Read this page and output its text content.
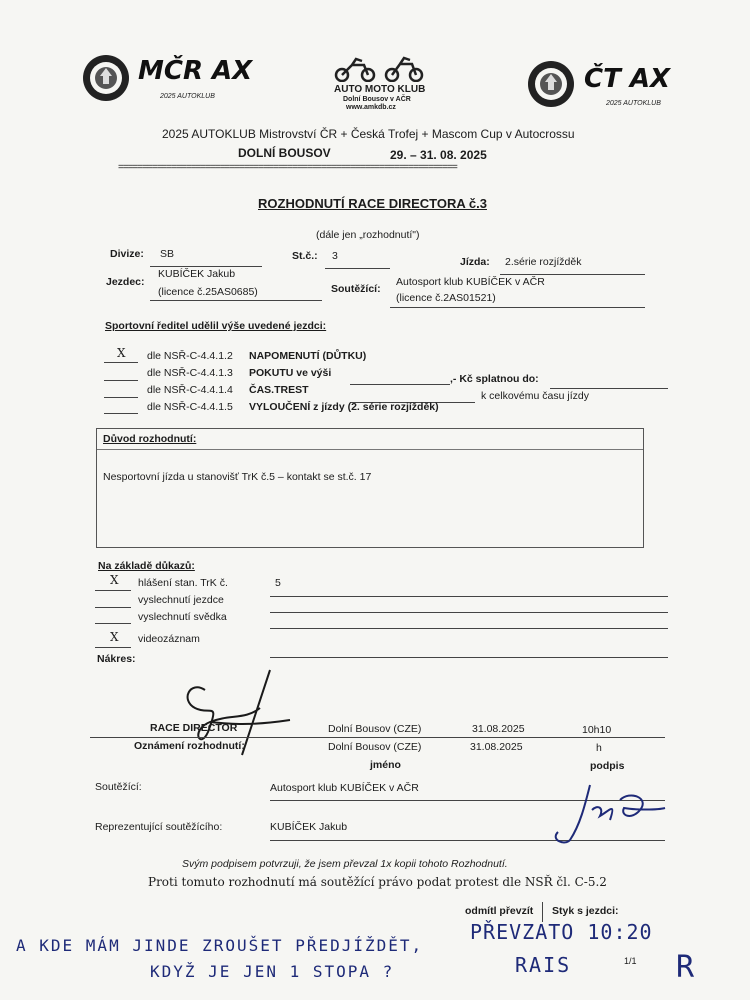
MČR AX
2025 AUTOKLUB
AUTO MOTO KLUB
Dolní Bousov v AČR
www.amkdb.cz
ČT AX
2025 AUTOKLUB
2025 AUTOKLUB Mistrovství ČR + Česká Trofej + Mascom Cup v Autocrossu
DOLNÍ BOUSOV	29. – 31. 08. 2025
======================================================================
ROZHODNUTÍ RACE DIRECTORA č.3
(dále jen „rozhodnutí")
Divize: SB	St.č.: 3	Jízda: 2.série rozjížděk
Jezdec:
KUBÍČEK Jakub
(licence č.25AS0685)	Soutěžící:
Autosport klub KUBÍČEK v AČR
(licence č.2AS01521)
Sportovní ředitel udělil výše uvedené jezdci:
X dle NSŘ-C-4.4.1.2 NAPOMENUTÍ (DŮTKU)
dle NSŘ-C-4.4.1.3 POKUTU ve výši	,- Kč splatnou do:
dle NSŘ-C-4.4.1.4 ČAS.TREST	k celkovému času jízdy
dle NSŘ-C-4.4.1.5 VYLOUČENÍ z jízdy (2. série rozjížděk)
Důvod rozhodnutí:
Nesportovní jízda u stanovišť TrK č.5 – kontakt se st.č. 17
Na základě důkazů:
X hlášení stan. TrK č.	5
vyslechnutí jezdce
vyslechnutí svědka
X videozáznam
Nákres:
RACE DIRECTOR	Dolní Bousov (CZE)	31.08.2025	10h10
Oznámení rozhodnutí:	Dolní Bousov (CZE)	31.08.2025	h
jméno	podpis
Soutěžící:	Autosport klub KUBÍČEK v AČR
Reprezentující soutěžícího:	KUBÍČEK Jakub
Svým podpisem potvrzuji, že jsem převzal 1x kopii tohoto Rozhodnutí.
Proti tomuto rozhodnutí má soutěžící právo podat protest dle NSŘ čl. C-5.2
odmítl převzít Styk s jezdci:
1/1
A KDE MÁM JINDE ZROUŠET PŘEDJÍŽDĚT,
KDYŽ JE JEN 1 STOPA ?
PŘEVZATO 10:20
RAIS	R
